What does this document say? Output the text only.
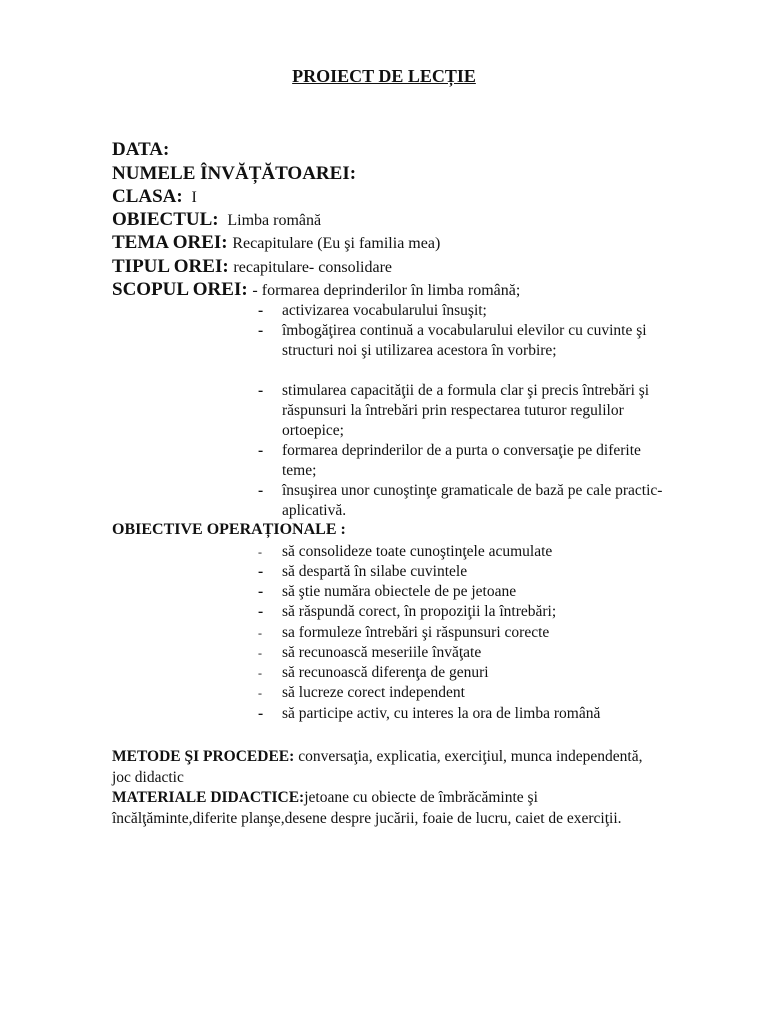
PROIECT DE LECȚIE
DATA:
NUMELE ÎNVĂȚĂTOAREI:
CLASA: I
OBIECTUL: Limba română
TEMA OREI: Recapitulare (Eu şi familia mea)
TIPUL OREI: recapitulare- consolidare
SCOPUL OREI: - formarea deprinderilor în limba română;
-	activizarea vocabularului însuşit;
-	îmbogăţirea continuă a vocabularului elevilor cu cuvinte şi structuri noi şi utilizarea acestora în vorbire;
-	stimularea capacităţii de a formula clar şi precis întrebări şi răspunsuri la întrebări prin respectarea tuturor regulilor ortoepice;
-	formarea deprinderilor de a purta o conversaţie pe diferite teme;
-	însuşirea unor cunoştinţe gramaticale de bază pe cale practic-aplicativă.
OBIECTIVE OPERAȚIONALE :
-	să consolideze toate cunoştinţele acumulate
-	să despartă în silabe cuvintele
-	să ştie număra obiectele de pe jetoane
-	să răspundă corect, în propoziţii la întrebări;
-	sa formuleze întrebări şi răspunsuri corecte
-	să recunoască meseriile învăţate
-	să recunoască diferenţa de genuri
-	să lucreze corect independent
-	să participe activ, cu interes la ora de limba română
METODE ŞI PROCEDEE: conversaţia, explicatia, exerciţiul, munca independentă, joc didactic
MATERIALE DIDACTICE:jetoane cu obiecte de îmbrăcăminte şi încălţăminte,diferite planşe,desene despre jucării, foaie de lucru, caiet de exerciţii.
